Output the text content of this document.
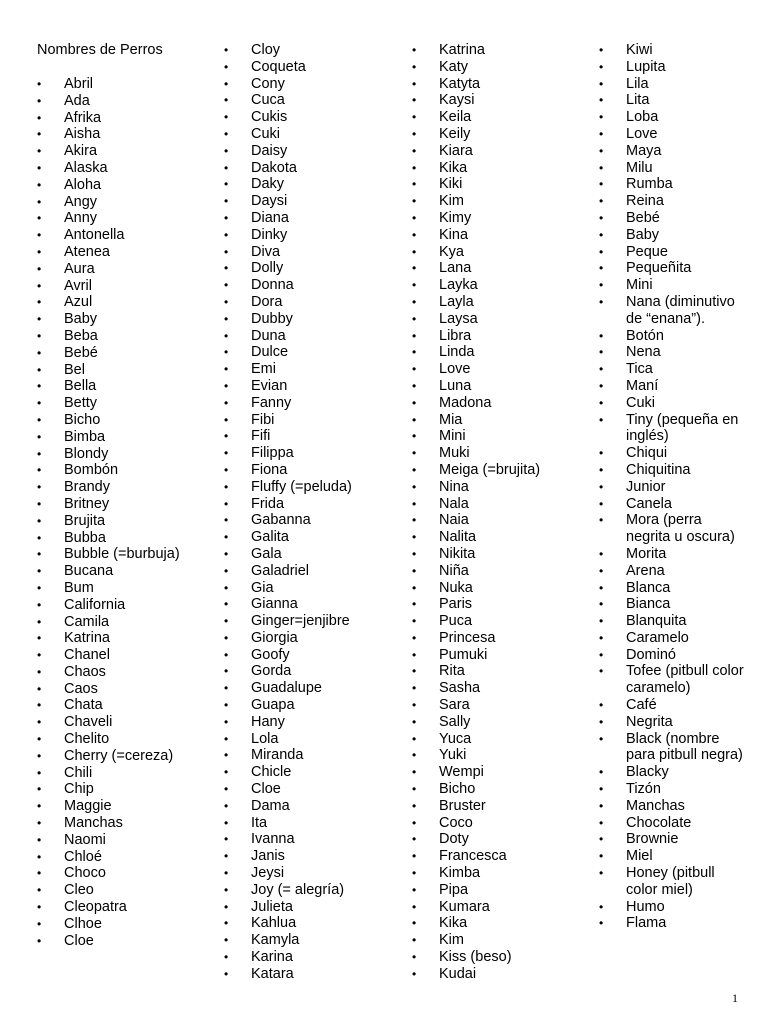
Nombres de Perros
• Abril
• Ada
• Afrika
• Aisha
• Akira
• Alaska
• Aloha
• Angy
• Anny
• Antonella
• Atenea
• Aura
• Avril
• Azul
• Baby
• Beba
• Bebé
• Bel
• Bella
• Betty
• Bicho
• Bimba
• Blondy
• Bombón
• Brandy
• Britney
• Brujita
• Bubba
• Bubble (=burbuja)
• Bucana
• Bum
• California
• Camila
• Katrina
• Chanel
• Chaos
• Caos
• Chata
• Chaveli
• Chelito
• Cherry (=cereza)
• Chili
• Chip
• Maggie
• Manchas
• Naomi
• Chloé
• Choco
• Cleo
• Cleopatra
• Clhoe
• Cloe
• Cloy
• Coqueta
• Cony
• Cuca
• Cukis
• Cuki
• Daisy
• Dakota
• Daky
• Daysi
• Diana
• Dinky
• Diva
• Dolly
• Donna
• Dora
• Dubby
• Duna
• Dulce
• Emi
• Evian
• Fanny
• Fibi
• Fifi
• Filippa
• Fiona
• Fluffy (=peluda)
• Frida
• Gabanna
• Galita
• Gala
• Galadriel
• Gia
• Gianna
• Ginger=jenjibre
• Giorgia
• Goofy
• Gorda
• Guadalupe
• Guapa
• Hany
• Lola
• Miranda
• Chicle
• Cloe
• Dama
• Ita
• Ivanna
• Janis
• Jeysi
• Joy (= alegría)
• Julieta
• Kahlua
• Kamyla
• Karina
• Katara
• Katrina
• Katy
• Katyta
• Kaysi
• Keila
• Keily
• Kiara
• Kika
• Kiki
• Kim
• Kimy
• Kina
• Kya
• Lana
• Layka
• Layla
• Laysa
• Libra
• Linda
• Love
• Luna
• Madona
• Mia
• Mini
• Muki
• Meiga (=brujita)
• Nina
• Nala
• Naia
• Nalita
• Nikita
• Niña
• Nuka
• Paris
• Puca
• Princesa
• Pumuki
• Rita
• Sasha
• Sara
• Sally
• Yuca
• Yuki
• Wempi
• Bicho
• Bruster
• Coco
• Doty
• Francesca
• Kimba
• Pipa
• Kumara
• Kika
• Kim
• Kiss (beso)
• Kudai
• Kiwi
• Lupita
• Lila
• Lita
• Loba
• Love
• Maya
• Milu
• Rumba
• Reina
• Bebé
• Baby
• Peque
• Pequeñita
• Mini
• Nana (diminutivo de “enana”).
• Botón
• Nena
• Tica
• Maní
• Cuki
• Tiny (pequeña en inglés)
• Chiqui
• Chiquitina
• Junior
• Canela
• Mora (perra negrita u oscura)
• Morita
• Arena
• Blanca
• Bianca
• Blanquita
• Caramelo
• Dominó
• Tofee (pitbull color caramelo)
• Café
• Negrita
• Black (nombre para pitbull negra)
• Blacky
• Tizón
• Manchas
• Chocolate
• Brownie
• Miel
• Honey (pitbull color miel)
• Humo
• Flama
1
